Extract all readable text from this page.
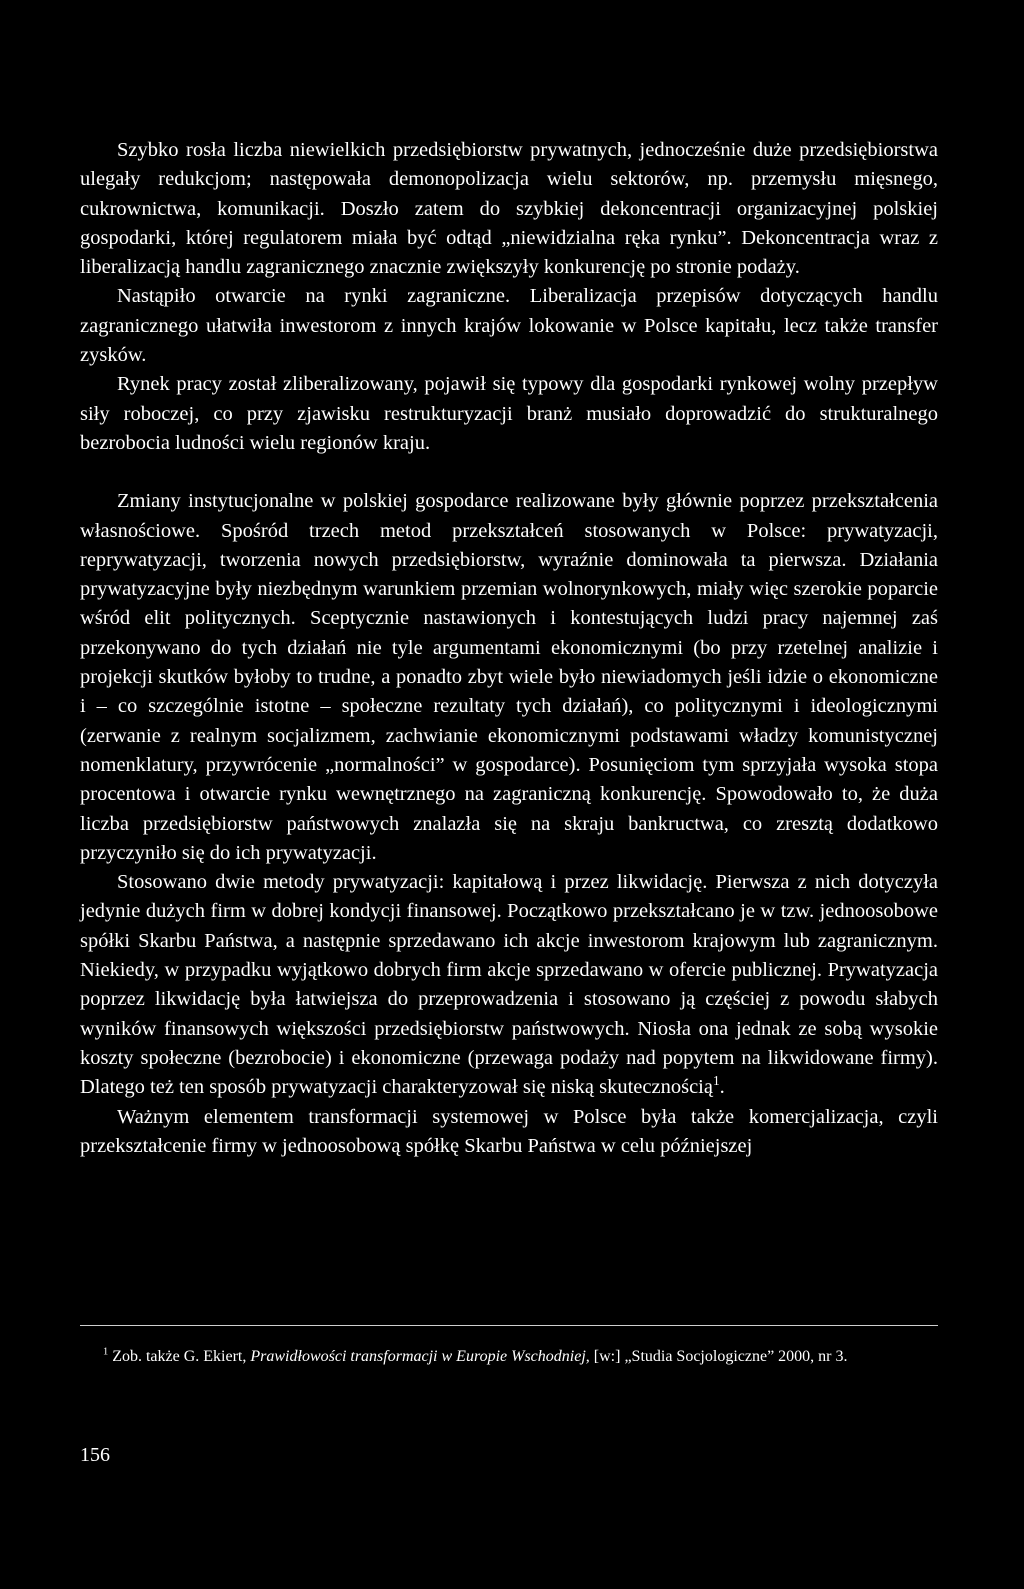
Szybko rosła liczba niewielkich przedsiębiorstw prywatnych, jednocześnie duże przedsiębiorstwa ulegały redukcjom; następowała demonopolizacja wielu sektorów, np. przemysłu mięsnego, cukrownictwa, komunikacji. Doszło zatem do szybkiej dekoncentracji organizacyjnej polskiej gospodarki, której regulatorem miała być odtąd „niewidzialna ręka rynku”. Dekoncentracja wraz z liberalizacją handlu zagranicznego znacznie zwiększyły konkurencję po stronie podaży.

Nastąpiło otwarcie na rynki zagraniczne. Liberalizacja przepisów dotyczących handlu zagranicznego ułatwiła inwestorom z innych krajów lokowanie w Polsce kapitału, lecz także transfer zysków.

Rynek pracy został zliberalizowany, pojawił się typowy dla gospodarki rynkowej wolny przepływ siły roboczej, co przy zjawisku restrukturyzacji branż musiało doprowadzić do strukturalnego bezrobocia ludności wielu regionów kraju.

Zmiany instytucjonalne w polskiej gospodarce realizowane były głównie poprzez przekształcenia własnościowe. Spośród trzech metod przekształceń stosowanych w Polsce: prywatyzacji, reprywatyzacji, tworzenia nowych przedsiębiorstw, wyraźnie dominowała ta pierwsza. Działania prywatyzacyjne były niezbędnym warunkiem przemian wolnorynkowych, miały więc szerokie poparcie wśród elit politycznych. Sceptycznie nastawionych i kontestujących ludzi pracy najemnej zaś przekonywano do tych działań nie tyle argumentami ekonomicznymi (bo przy rzetelnej analizie i projekcji skutków byłoby to trudne, a ponadto zbyt wiele było niewiadomych jeśli idzie o ekonomiczne i – co szczególnie istotne – społeczne rezultaty tych działań), co politycznymi i ideologicznymi (zerwanie z realnym socjalizmem, zachwianie ekonomicznymi podstawami władzy komunistycznej nomenklatury, przywrócenie „normalności” w gospodarce). Posunięciom tym sprzyjała wysoka stopa procentowa i otwarcie rynku wewnętrznego na zagraniczną konkurencję. Spowodowało to, że duża liczba przedsiębiorstw państwowych znalazła się na skraju bankructwa, co zresztą dodatkowo przyczyniło się do ich prywatyzacji.

Stosowano dwie metody prywatyzacji: kapitałową i przez likwidację. Pierwsza z nich dotyczyła jedynie dużych firm w dobrej kondycji finansowej. Początkowo przekształcano je w tzw. jednoosobowe spółki Skarbu Państwa, a następnie sprzedawano ich akcje inwestorom krajowym lub zagranicznym. Niekiedy, w przypadku wyjątkowo dobrych firm akcje sprzedawano w ofercie publicznej. Prywatyzacja poprzez likwidację była łatwiejsza do przeprowadzenia i stosowano ją częściej z powodu słabych wyników finansowych większości przedsiębiorstw państwowych. Niosła ona jednak ze sobą wysokie koszty społeczne (bezrobocie) i ekonomiczne (przewaga podaży nad popytem na likwidowane firmy). Dlatego też ten sposób prywatyzacji charakteryzował się niską skutecznością$^1$.

Ważnym elementem transformacji systemowej w Polsce była także komercjalizacja, czyli przekształcenie firmy w jednoosobową spółkę Skarbu Państwa w celu późniejszej

$^1$ Zob. także G. Ekiert, Prawidłowości transformacji w Europie Wschodniej, [w:] „Studia Socjologiczne” 2000, nr 3.
156
